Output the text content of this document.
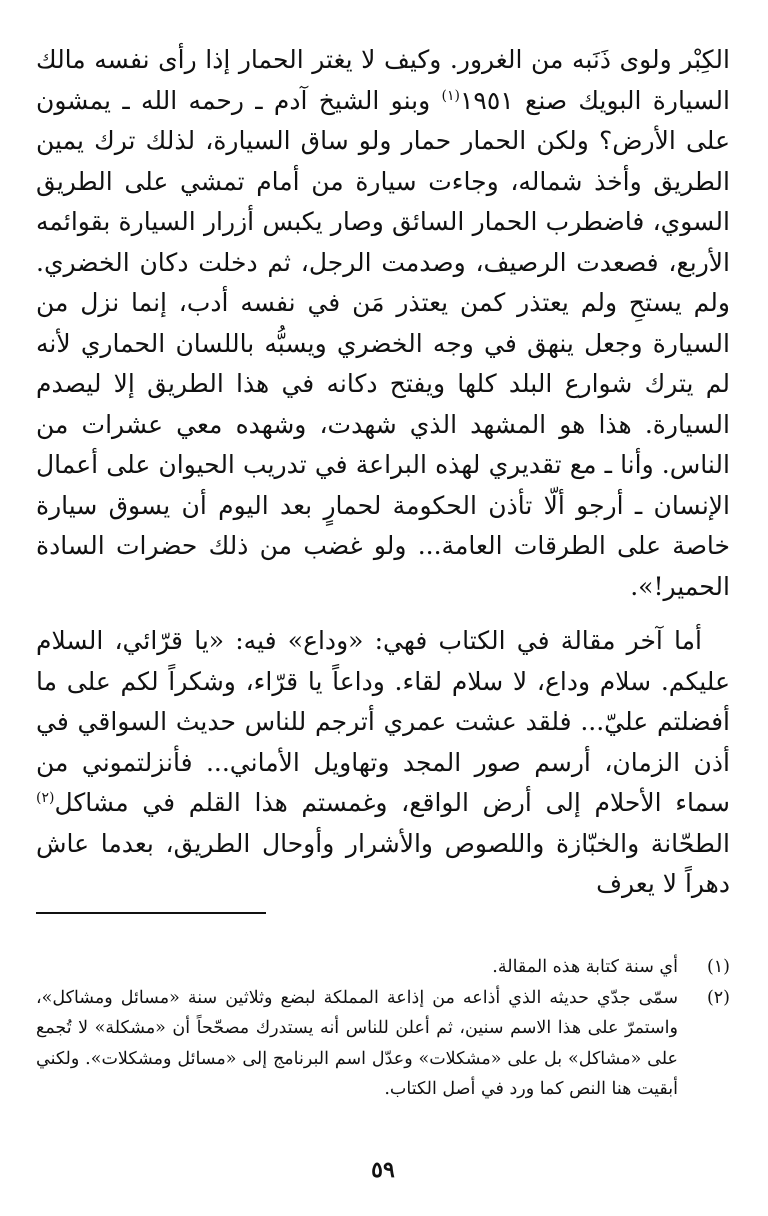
الكِبْر ولوى ذَنَبه من الغرور. وكيف لا يغتر الحمار إذا رأى نفسه مالك السيارة البويك صنع ١٩٥١$^{(١)}$ وبنو الشيخ آدم ـ رحمه الله ـ يمشون على الأرض؟ ولكن الحمار حمار ولو ساق السيارة، لذلك ترك يمين الطريق وأخذ شماله، وجاءت سيارة من أمام تمشي على الطريق السوي، فاضطرب الحمار السائق وصار يكبس أزرار السيارة بقوائمه الأربع، فصعدت الرصيف، وصدمت الرجل، ثم دخلت دكان الخضري. ولم يستحِ ولم يعتذر كمن يعتذر مَن في نفسه أدب، إنما نزل من السيارة وجعل ينهق في وجه الخضري ويسبُّه باللسان الحماري لأنه لم يترك شوارع البلد كلها ويفتح دكانه في هذا الطريق إلا ليصدم السيارة. هذا هو المشهد الذي شهدت، وشهده معي عشرات من الناس. وأنا ـ مع تقديري لهذه البراعة في تدريب الحيوان على أعمال الإنسان ـ أرجو ألّا تأذن الحكومة لحمارٍ بعد اليوم أن يسوق سيارة خاصة على الطرقات العامة... ولو غضب من ذلك حضرات السادة الحمير!».

أما آخر مقالة في الكتاب فهي: «وداع» فيه: «يا قرّائي، السلام عليكم. سلام وداع، لا سلام لقاء. وداعاً يا قرّاء، وشكراً لكم على ما أفضلتم عليّ... فلقد عشت عمري أترجم للناس حديث السواقي في أذن الزمان، أرسم صور المجد وتهاويل الأماني... فأنزلتموني من سماء الأحلام إلى أرض الواقع، وغمستم هذا القلم في مشاكل$^{(٢)}$ الطحّانة والخبّازة واللصوص والأشرار وأوحال الطريق، بعدما عاش دهراً لا يعرف

(١)
أي سنة كتابة هذه المقالة.
(٢)
سمّى جدّي حديثه الذي أذاعه من إذاعة المملكة لبضع وثلاثين سنة «مسائل ومشاكل»، واستمرّ على هذا الاسم سنين، ثم أعلن للناس أنه يستدرك مصحّحاً أن «مشكلة» لا تُجمع على «مشاكل» بل على «مشكلات» وعدّل اسم البرنامج إلى «مسائل ومشكلات». ولكني أبقيت هنا النص كما ورد في أصل الكتاب.
٥٩
